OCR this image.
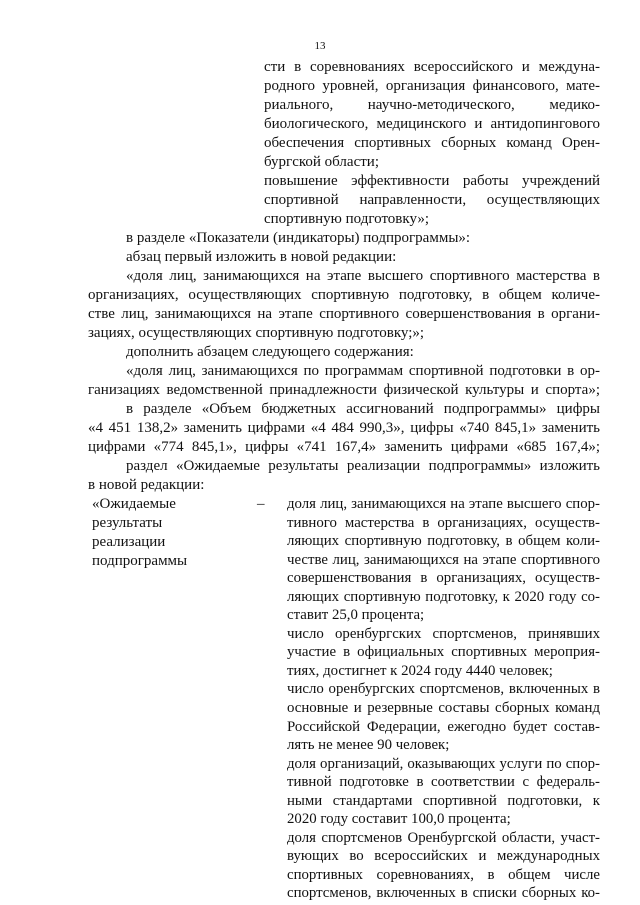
13
сти в соревнованиях всероссийского и междуна-
родного уровней, организация финансового, мате-
риального, научно-методического, медико-
биологического, медицинского и антидопингового
обеспечения спортивных сборных команд Орен-
бургской области;
повышение эффективности работы учреждений
спортивной направленности, осуществляющих
спортивную подготовку»;
в разделе «Показатели (индикаторы) подпрограммы»:
абзац первый изложить в новой редакции:
«доля лиц, занимающихся на этапе высшего спортивного мастерства в
организациях, осуществляющих спортивную подготовку, в общем количе-
стве лиц, занимающихся на этапе спортивного совершенствования в органи-
зациях, осуществляющих спортивную подготовку;»;
дополнить абзацем следующего содержания:
«доля лиц, занимающихся по программам спортивной подготовки в ор-
ганизациях ведомственной принадлежности физической культуры и спорта»;
в разделе «Объем бюджетных ассигнований подпрограммы» цифры
«4 451 138,2» заменить цифрами «4 484 990,3», цифры «740 845,1» заменить
цифрами «774 845,1», цифры «741 167,4» заменить цифрами «685 167,4»;
раздел «Ожидаемые результаты реализации подпрограммы» изложить
в новой редакции:
«Ожидаемые
результаты
реализации
подпрограммы
– доля лиц, занимающихся на этапе высшего спор-
тивного мастерства в организациях, осуществ-
ляющих спортивную подготовку, в общем коли-
честве лиц, занимающихся на этапе спортивного
совершенствования в организациях, осуществ-
ляющих спортивную подготовку, к 2020 году со-
ставит 25,0 процента;
число оренбургских спортсменов, принявших
участие в официальных спортивных мероприя-
тиях, достигнет к 2024 году 4440 человек;
число оренбургских спортсменов, включенных в
основные и резервные составы сборных команд
Российской Федерации, ежегодно будет состав-
лять не менее 90 человек;
доля организаций, оказывающих услуги по спор-
тивной подготовке в соответствии с федераль-
ными стандартами спортивной подготовки, к
2020 году составит 100,0 процента;
доля спортсменов Оренбургской области, участ-
вующих во всероссийских и международных
спортивных соревнованиях, в общем числе
спортсменов, включенных в списки сборных ко-
